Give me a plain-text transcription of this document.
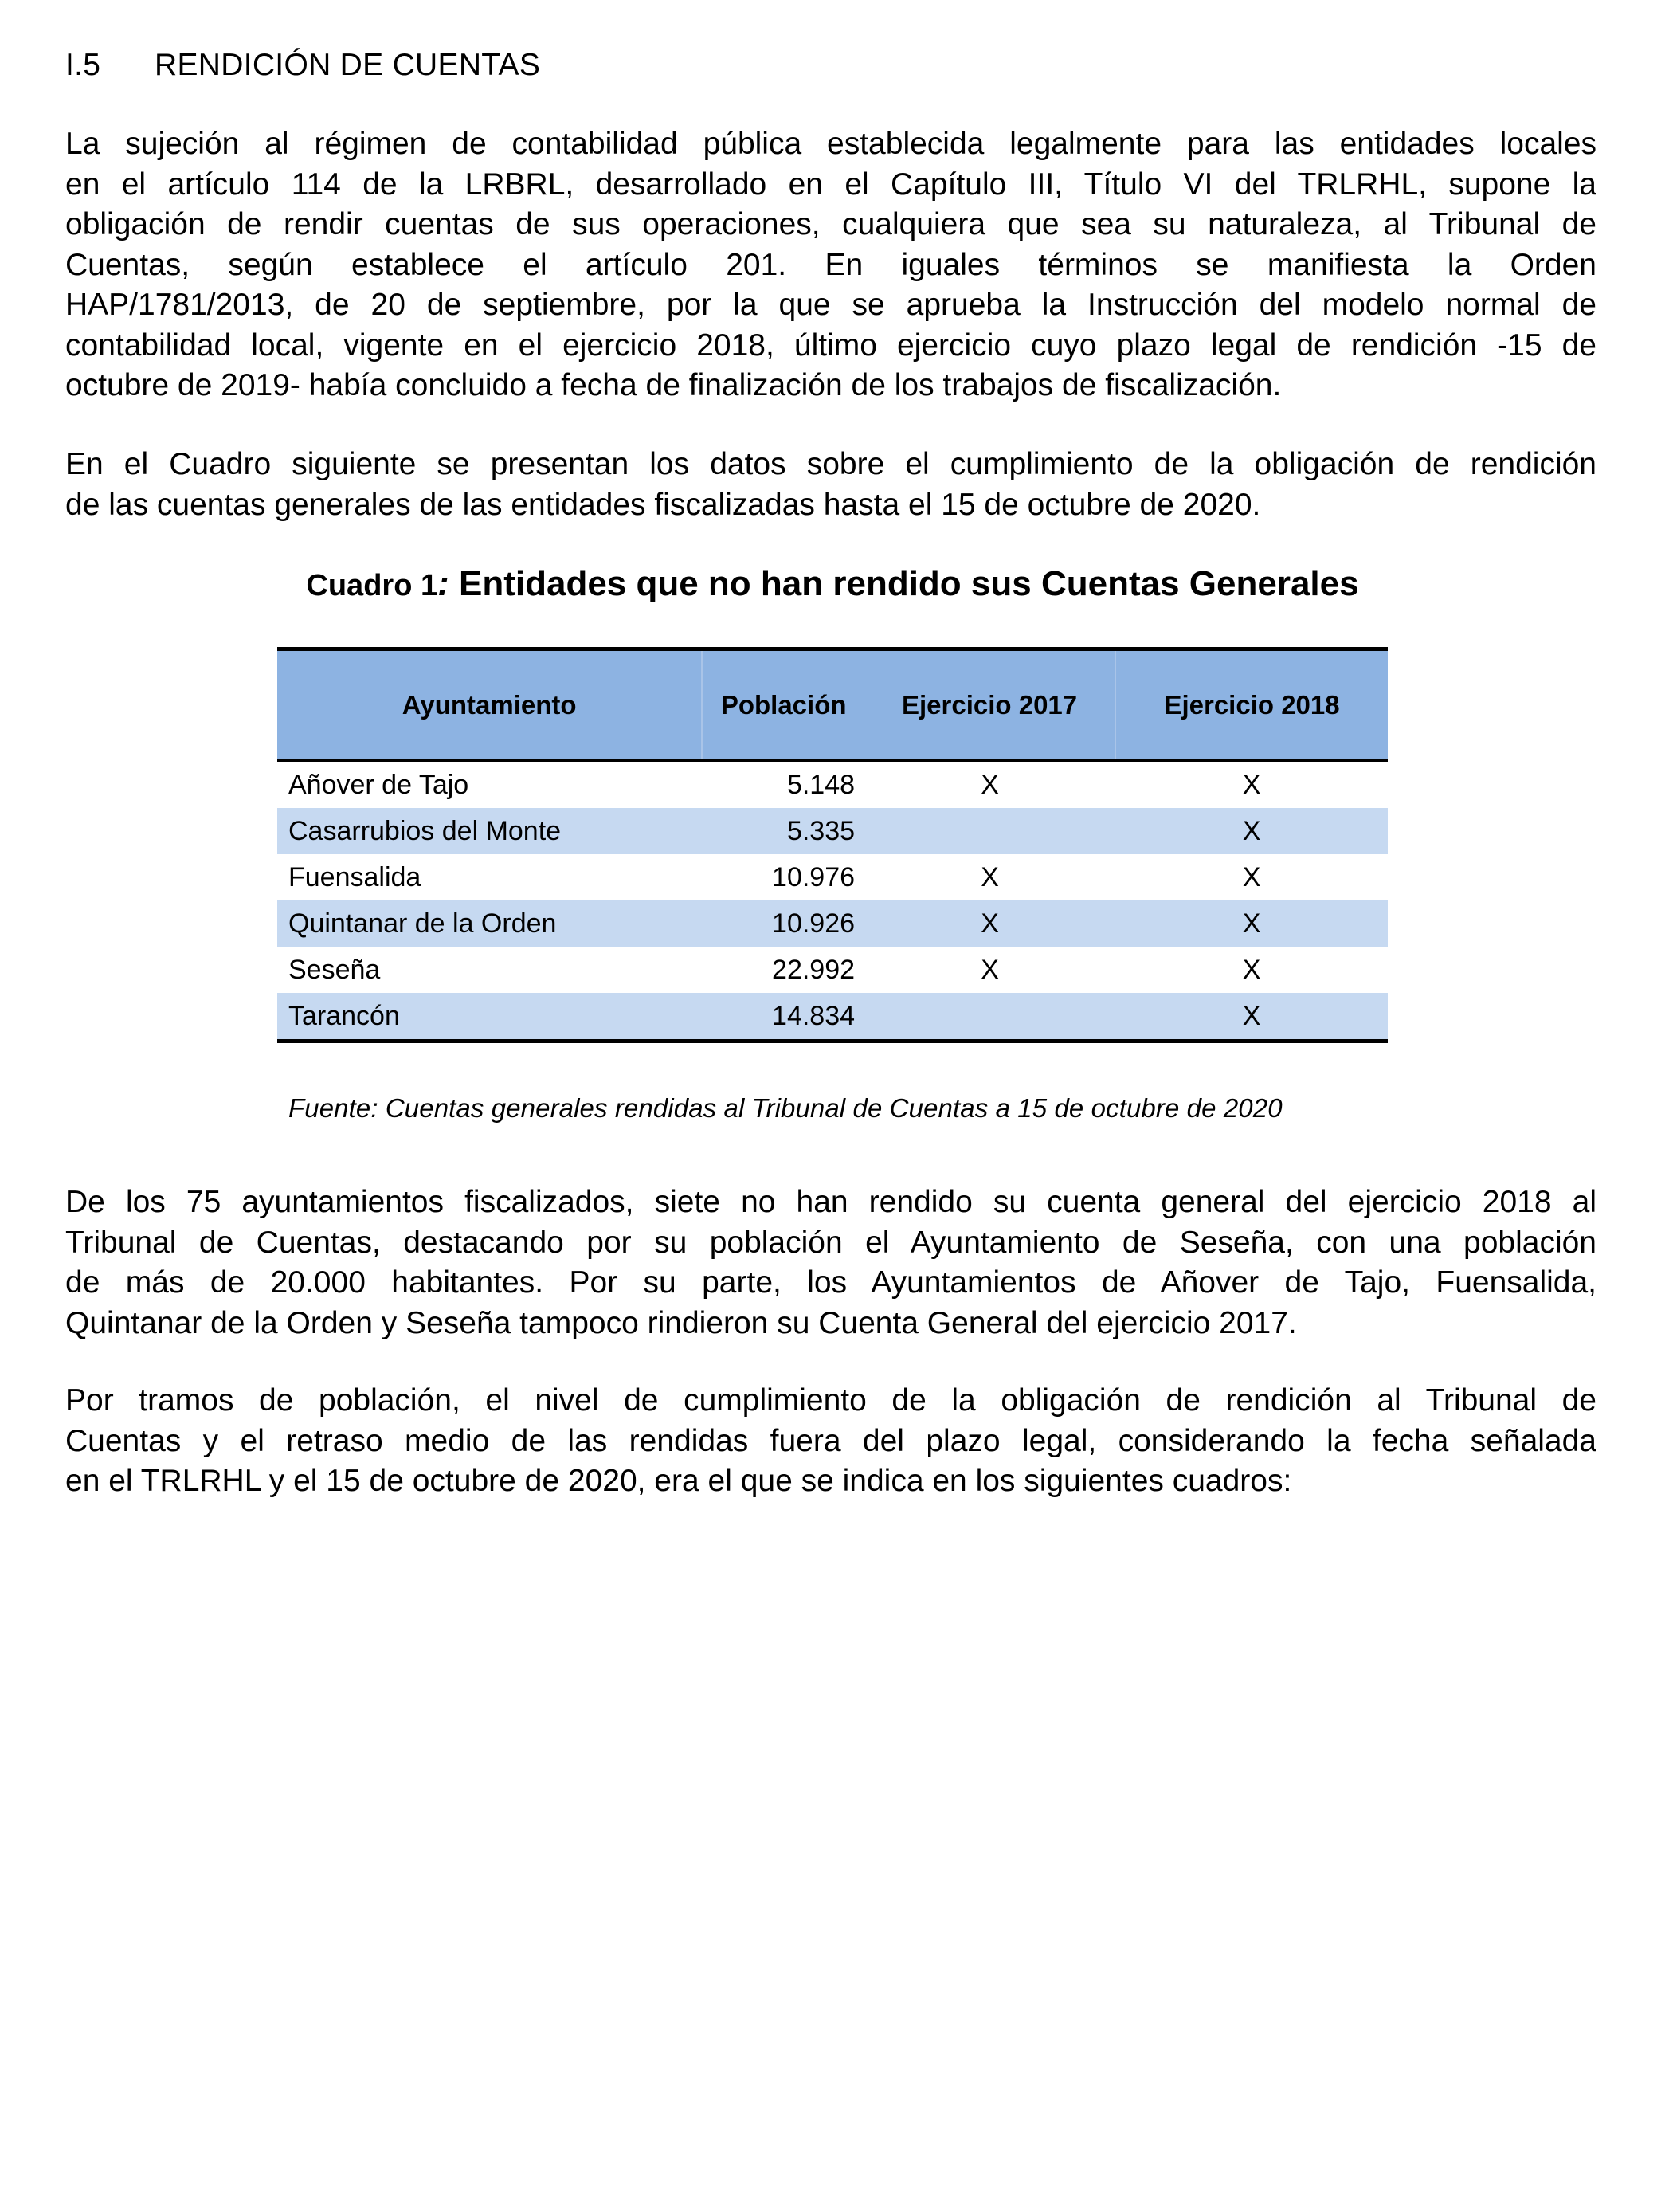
I.5	RENDICIÓN DE CUENTAS
La sujeción al régimen de contabilidad pública establecida legalmente para las entidades locales
en el artículo 114 de la LRBRL, desarrollado en el Capítulo III, Título VI del TRLRHL, supone la
obligación de rendir cuentas de sus operaciones, cualquiera que sea su naturaleza, al Tribunal de
Cuentas, según establece el artículo 201. En iguales términos se manifiesta la Orden
HAP/1781/2013, de 20 de septiembre, por la que se aprueba la Instrucción del modelo normal de
contabilidad local, vigente en el ejercicio 2018, último ejercicio cuyo plazo legal de rendición -15 de
octubre de 2019- había concluido a fecha de finalización de los trabajos de fiscalización.
En el Cuadro siguiente se presentan los datos sobre el cumplimiento de la obligación de rendición
de las cuentas generales de las entidades fiscalizadas hasta el 15 de octubre de 2020.
Cuadro 1: Entidades que no han rendido sus Cuentas Generales
Ayuntamiento	Población	Ejercicio 2017	Ejercicio 2018
Añover de Tajo	5.148	X	X
Casarrubios del Monte	5.335		X
Fuensalida	10.976	X	X
Quintanar de la Orden	10.926	X	X
Seseña	22.992	X	X
Tarancón	14.834		X
Fuente: Cuentas generales rendidas al Tribunal de Cuentas a 15 de octubre de 2020
De los 75 ayuntamientos fiscalizados, siete no han rendido su cuenta general del ejercicio 2018 al
Tribunal de Cuentas, destacando por su población el Ayuntamiento de Seseña, con una población
de más de 20.000 habitantes. Por su parte, los Ayuntamientos de Añover de Tajo, Fuensalida,
Quintanar de la Orden y Seseña tampoco rindieron su Cuenta General del ejercicio 2017.
Por tramos de población, el nivel de cumplimiento de la obligación de rendición al Tribunal de
Cuentas y el retraso medio de las rendidas fuera del plazo legal, considerando la fecha señalada
en el TRLRHL y el 15 de octubre de 2020, era el que se indica en los siguientes cuadros:
